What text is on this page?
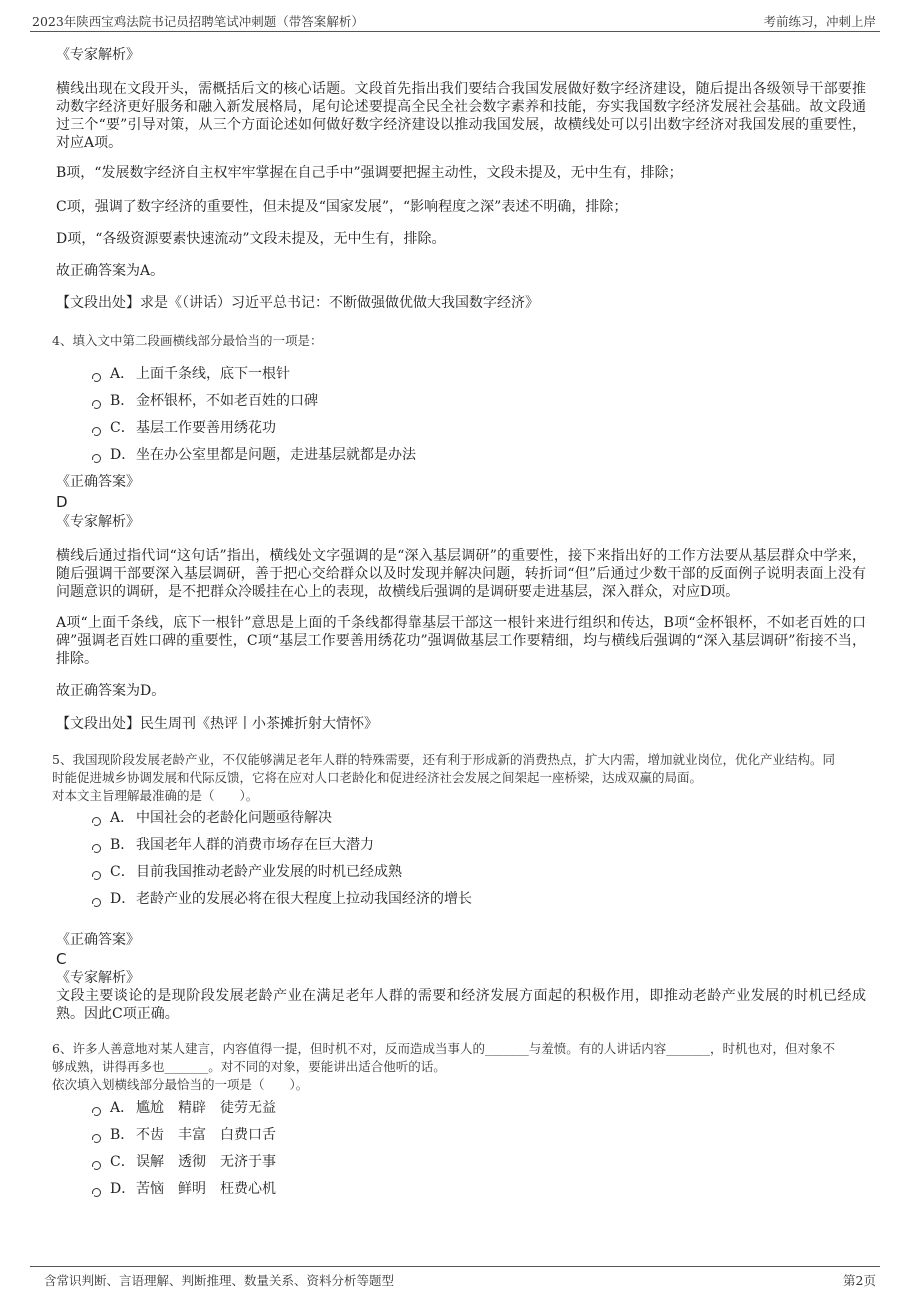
2023年陕西宝鸡法院书记员招聘笔试冲刺题（带答案解析）	考前练习，冲刺上岸
《专家解析》
横线出现在文段开头，需概括后文的核心话题。文段首先指出我们要结合我国发展做好数字经济建设，随后提出各级领导干部要推动数字经济更好服务和融入新发展格局，尾句论述要提高全民全社会数字素养和技能，夯实我国数字经济发展社会基础。故文段通过三个“要”引导对策，从三个方面论述如何做好数字经济建设以推动我国发展，故横线处可以引出数字经济对我国发展的重要性，对应A项。
B项，“发展数字经济自主权牢牢掌握在自己手中”强调要把握主动性，文段未提及，无中生有，排除；
C项，强调了数字经济的重要性，但未提及“国家发展”，“影响程度之深”表述不明确，排除；
D项，“各级资源要素快速流动”文段未提及，无中生有，排除。
故正确答案为A。
【文段出处】求是《（讲话）习近平总书记：不断做强做优做大我国数字经济》
4、填入文中第二段画横线部分最恰当的一项是：
A． 上面千条线，底下一根针
B． 金杯银杯，不如老百姓的口碑
C． 基层工作要善用绣花功
D． 坐在办公室里都是问题，走进基层就都是办法
《正确答案》
D
《专家解析》
横线后通过指代词“这句话”指出，横线处文字强调的是“深入基层调研”的重要性，接下来指出好的工作方法要从基层群众中学来，随后强调干部要深入基层调研，善于把心交给群众以及时发现并解决问题，转折词“但”后通过少数干部的反面例子说明表面上没有问题意识的调研，是不把群众冷暖挂在心上的表现，故横线后强调的是调研要走进基层，深入群众，对应D项。
A项“上面千条线，底下一根针”意思是上面的千条线都得靠基层干部这一根针来进行组织和传达，B项“金杯银杯，不如老百姓的口碑”强调老百姓口碑的重要性，C项“基层工作要善用绣花功”强调做基层工作要精细，均与横线后强调的“深入基层调研”衔接不当，排除。
故正确答案为D。
【文段出处】民生周刊《热评丨小茶摊折射大情怀》
5、我国现阶段发展老龄产业，不仅能够满足老年人群的特殊需要，还有利于形成新的消费热点，扩大内需，增加就业岗位，优化产业结构。同
时能促进城乡协调发展和代际反馈，它将在应对人口老龄化和促进经济社会发展之间架起一座桥梁，达成双赢的局面。
对本文主旨理解最准确的是（　　）。
A． 中国社会的老龄化问题亟待解决
B． 我国老年人群的消费市场存在巨大潜力
C． 目前我国推动老龄产业发展的时机已经成熟
D． 老龄产业的发展必将在很大程度上拉动我国经济的增长
《正确答案》
C
《专家解析》
文段主要谈论的是现阶段发展老龄产业在满足老年人群的需要和经济发展方面起的积极作用，即推动老龄产业发展的时机已经成熟。因此C项正确。
6、许多人善意地对某人建言，内容值得一提，但时机不对，反而造成当事人的_______与羞愤。有的人讲话内容_______，时机也对，但对象不
够成熟，讲得再多也_______。对不同的对象，要能讲出适合他听的话。
依次填入划横线部分最恰当的一项是（　　）。
A． 尴尬　精辟　徒劳无益
B． 不齿　丰富　白费口舌
C． 误解　透彻　无济于事
D． 苦恼　鲜明　枉费心机
含常识判断、言语理解、判断推理、数量关系、资料分析等题型	第2页
